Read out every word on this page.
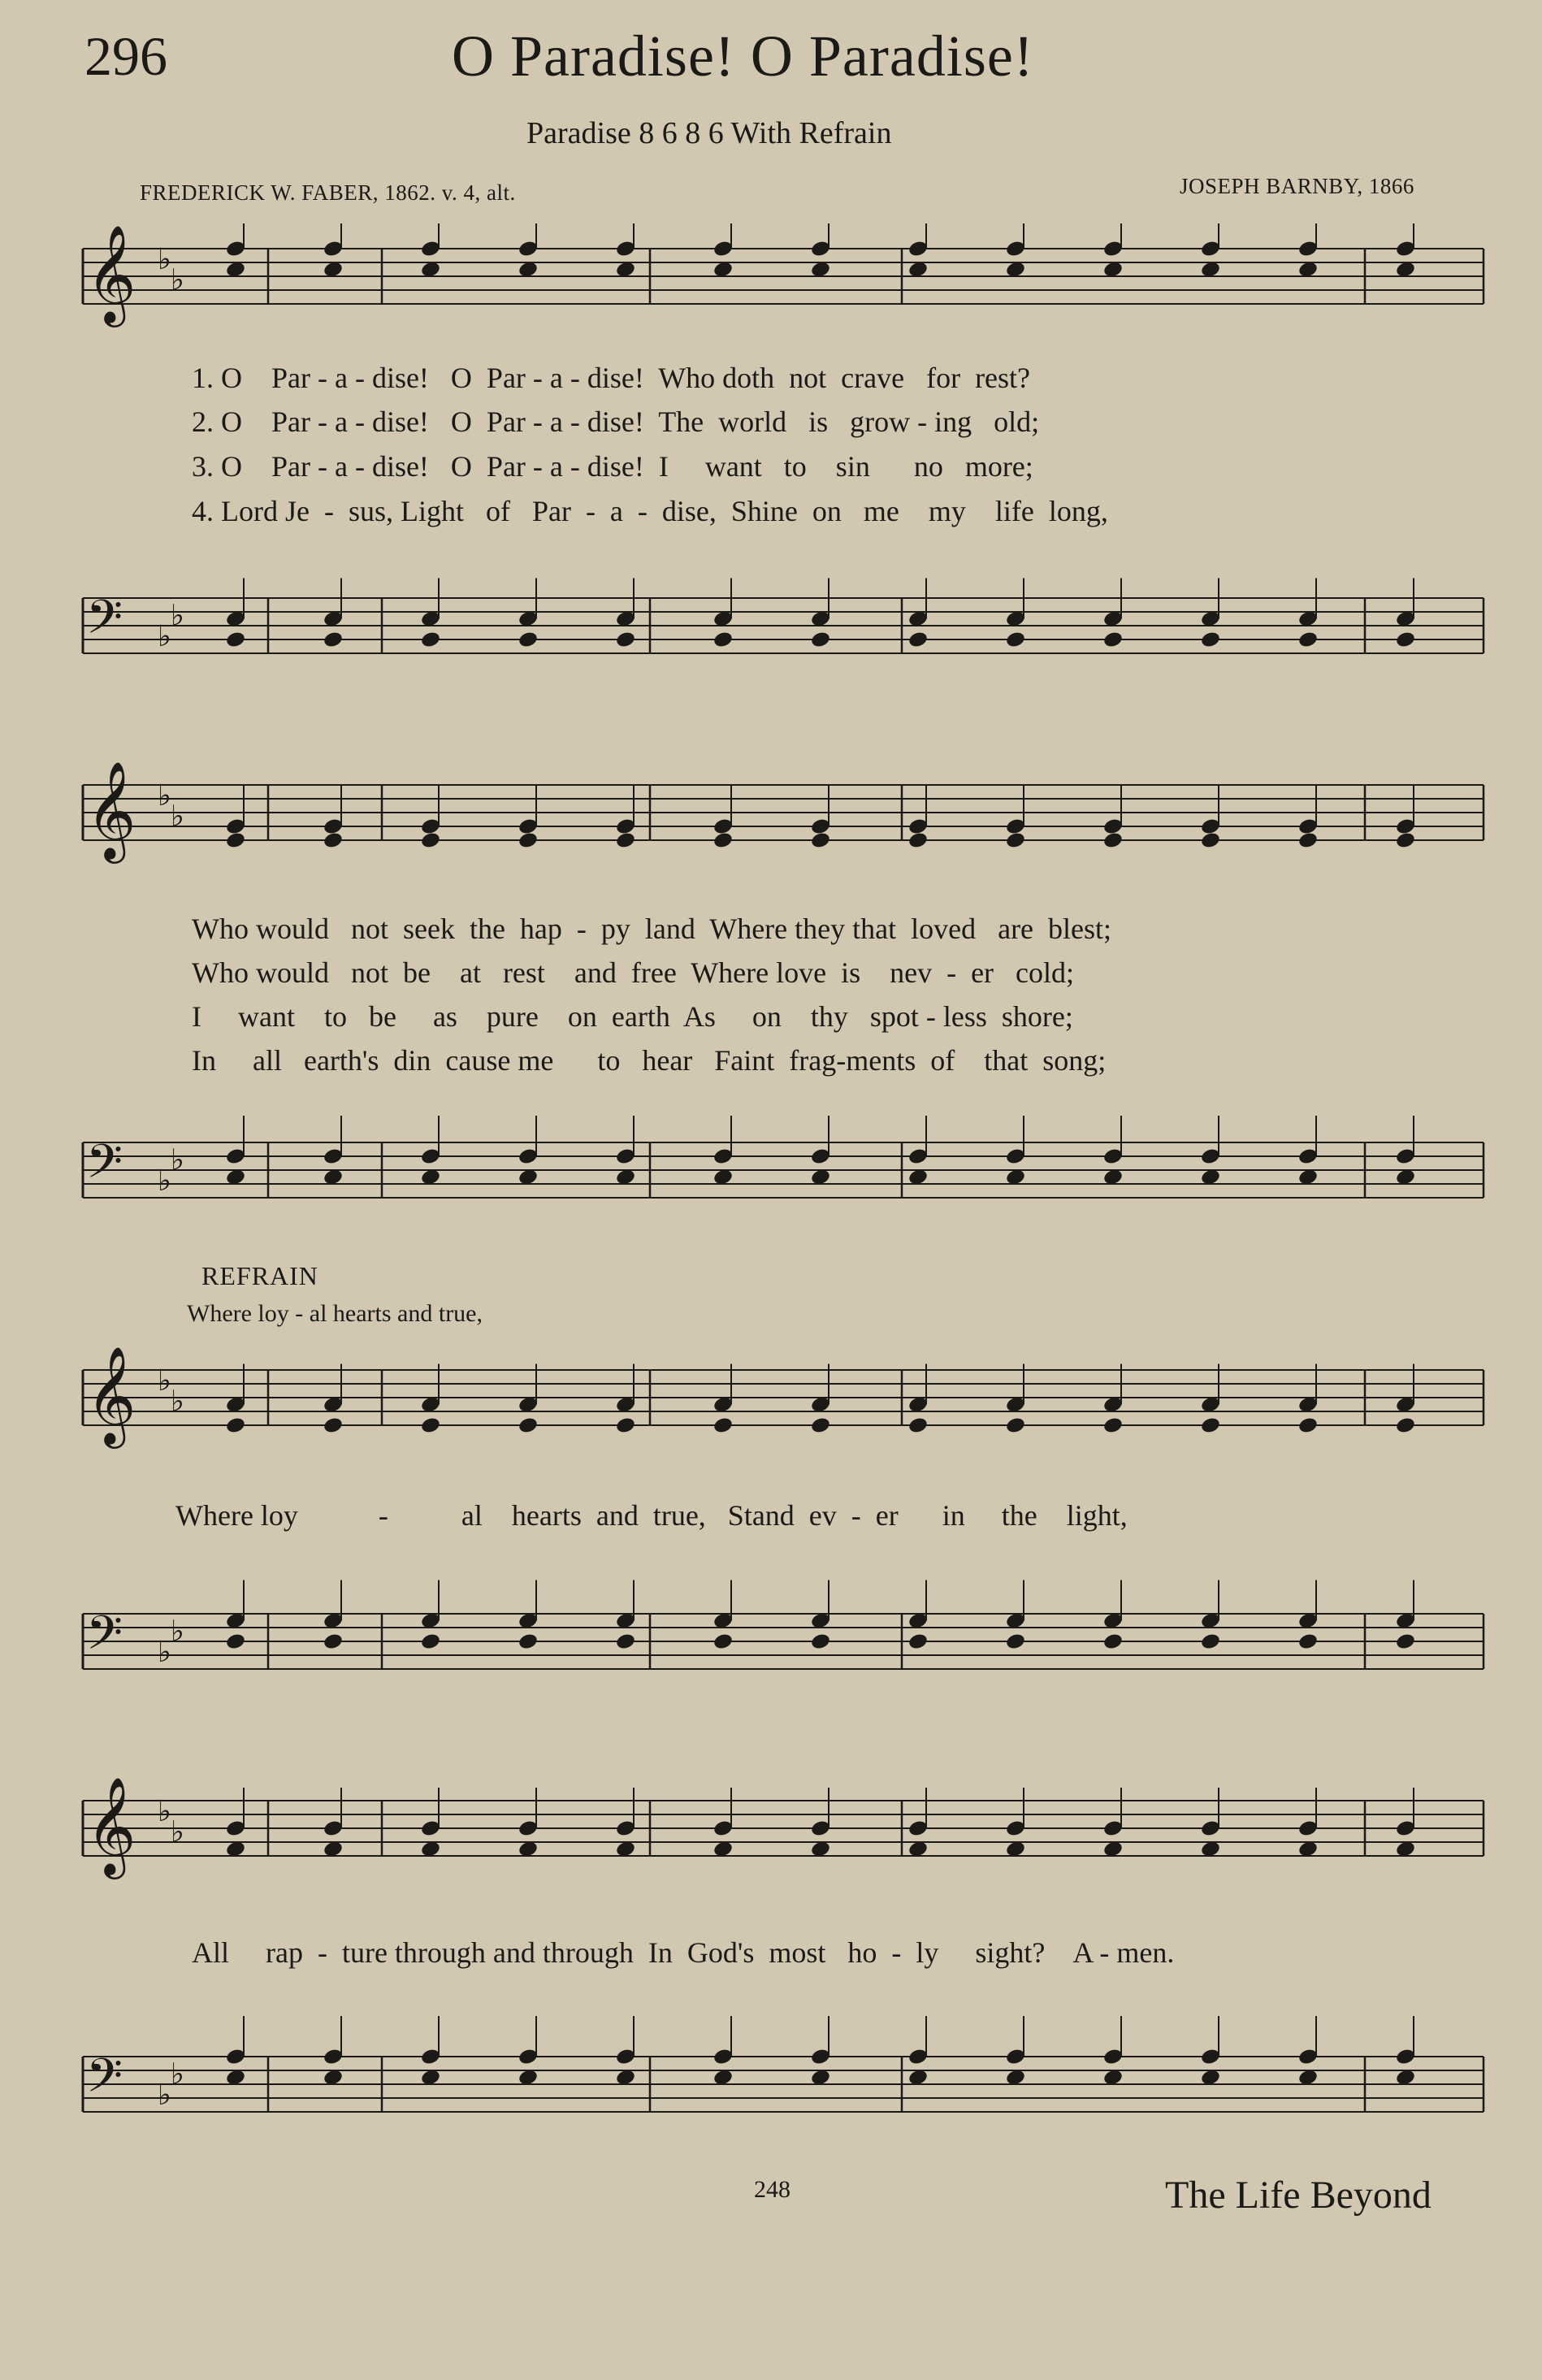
296	O Paradise! O Paradise!
Paradise 8 6 8 6 With Refrain
FREDERICK W. FABER, 1862. v. 4, alt.	JOSEPH BARNBY, 1866
𝄞 ♭
♭
1. O    Par - a - dise!   O  Par - a - dise!  Who doth  not  crave   for  rest?
2. O    Par - a - dise!   O  Par - a - dise!  The  world   is   grow - ing   old;
3. O    Par - a - dise!   O  Par - a - dise!  I     want   to    sin      no   more;
4. Lord Je  -  sus, Light   of   Par  -  a  -  dise,  Shine  on   me    my    life  long,
𝄢 ♭
♭
𝄞 ♭
♭
Who would   not  seek  the  hap  -  py  land  Where they that  loved   are  blest;
Who would   not  be    at   rest    and  free  Where love  is    nev  -  er   cold;
I     want    to   be     as    pure    on  earth  As     on    thy   spot - less  shore;
In     all   earth's  din  cause me      to   hear   Faint  frag-ments  of    that  song;
𝄢 ♭
♭
REFRAIN
Where loy - al hearts and true,
𝄞 ♭
♭
Where loy           -          al    hearts  and  true,   Stand  ev  -  er      in     the    light,
𝄢 ♭
♭
𝄞 ♭
♭
All     rap  -  ture through and through  In  God's  most   ho  -  ly     sight?    A - men.
𝄢 ♭
♭
248	The Life Beyond
